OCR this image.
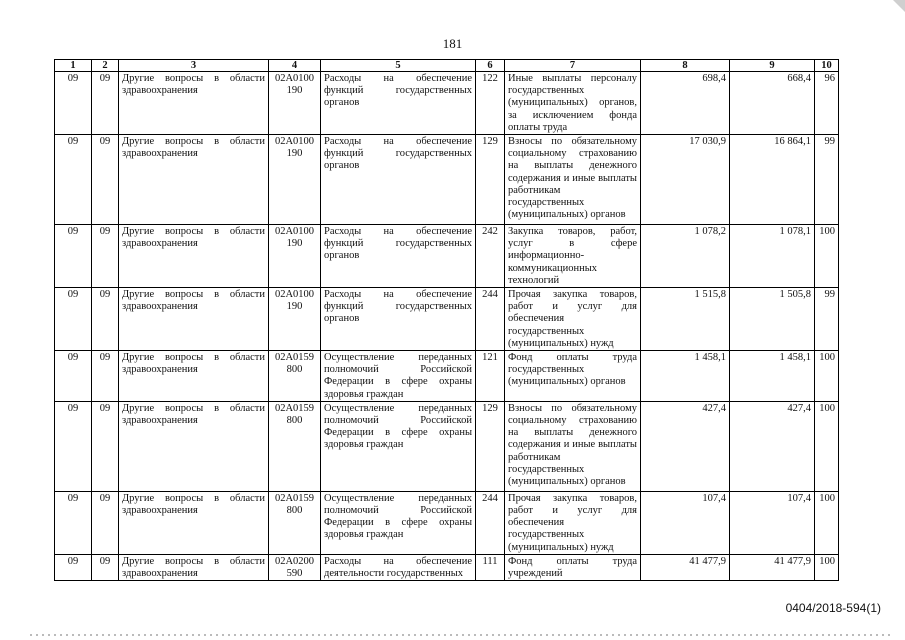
181
1	2	3	4	5	6	7	8	9	10
09	09	Другие вопросы в области здравоохранения	02А0100 190	Расходы на обеспечение функций государственных органов	122	Иные выплаты персоналу государственных (муниципальных) органов, за исключением фонда оплаты труда	698,4	668,4	96
09	09	Другие вопросы в области здравоохранения	02А0100 190	Расходы на обеспечение функций государственных органов	129	Взносы по обязательному социальному страхованию на выплаты денежного содержания и иные выплаты работникам государственных (муниципальных) органов	17 030,9	16 864,1	99
09	09	Другие вопросы в области здравоохранения	02А0100 190	Расходы на обеспечение функций государственных органов	242	Закупка товаров, работ, услуг в сфере информационно-коммуникационных технологий	1 078,2	1 078,1	100
09	09	Другие вопросы в области здравоохранения	02А0100 190	Расходы на обеспечение функций государственных органов	244	Прочая закупка товаров, работ и услуг для обеспечения государственных (муниципальных) нужд	1 515,8	1 505,8	99
09	09	Другие вопросы в области здравоохранения	02А0159 800	Осуществление переданных полномочий Российской Федерации в сфере охраны здоровья граждан	121	Фонд оплаты труда государственных (муниципальных) органов	1 458,1	1 458,1	100
09	09	Другие вопросы в области здравоохранения	02А0159 800	Осуществление переданных полномочий Российской Федерации в сфере охраны здоровья граждан	129	Взносы по обязательному социальному страхованию на выплаты денежного содержания и иные выплаты работникам государственных (муниципальных) органов	427,4	427,4	100
09	09	Другие вопросы в области здравоохранения	02А0159 800	Осуществление переданных полномочий Российской Федерации в сфере охраны здоровья граждан	244	Прочая закупка товаров, работ и услуг для обеспечения государственных (муниципальных) нужд	107,4	107,4	100
09	09	Другие вопросы в области здравоохранения	02А0200 590	Расходы на обеспечение деятельности государственных	111	Фонд оплаты труда учреждений	41 477,9	41 477,9	100
0404/2018-594(1)
